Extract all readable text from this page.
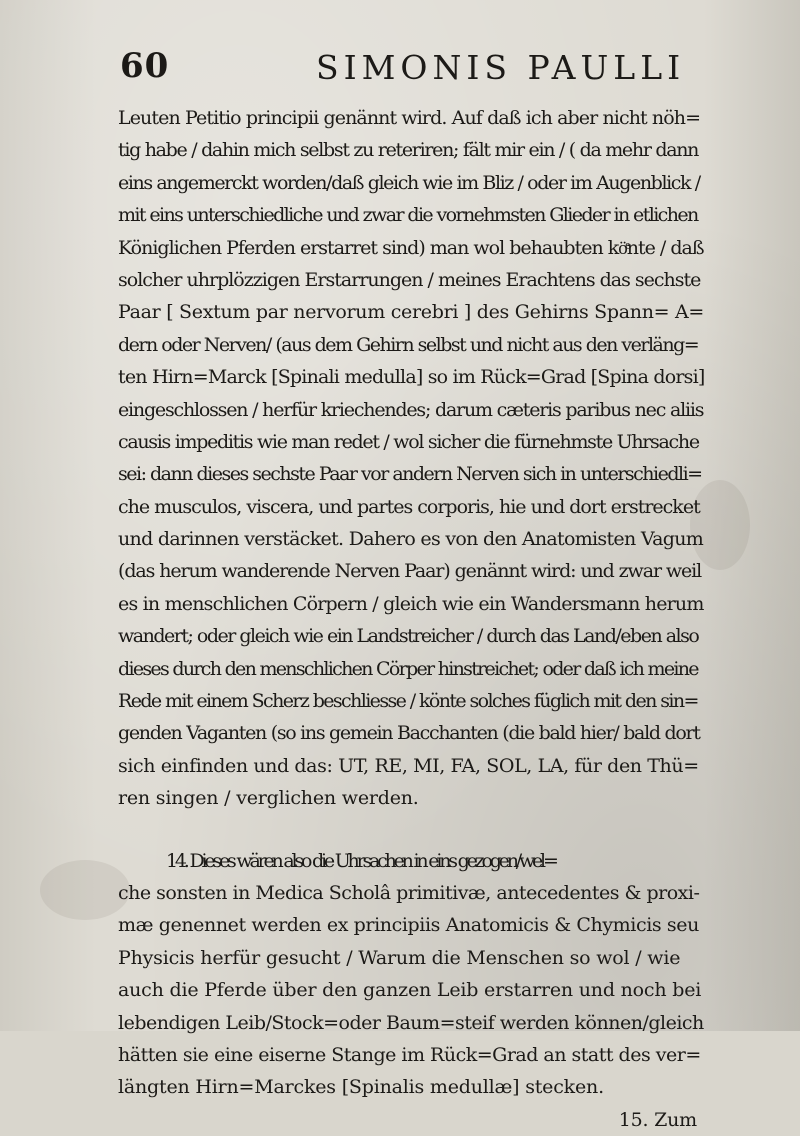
60	SIMONIS PAULLI
Leuten Petitio principii genännt wird. Auf daß ich aber nicht nöh=
tig habe / dahin mich selbst zu reteriren; fält mir ein / ( da mehr dann
eins angemerckt worden/daß gleich wie im Bliz / oder im Augenblick /
mit eins unterschiedliche und zwar die vornehmsten Glieder in etlichen
Königlichen Pferden erstarret sind) man wol behaubten köͤnte / daß
solcher uhrplözzigen Erstarrungen / meines Erachtens das sechste
Paar [ Sextum par nervorum cerebri ] des Gehirns Spann= A=
dern oder Nerven/ (aus dem Gehirn selbst und nicht aus den verläng=
ten Hirn=Marck [Spinali medulla] so im Rück=Grad [Spina dorsi]
eingeschlossen / herfür kriechendes; darum cæteris paribus nec aliis
causis impeditis wie man redet / wol sicher die fürnehmste Uhrsache
sei: dann dieses sechste Paar vor andern Nerven sich in unterschiedli=
che musculos, viscera, und partes corporis, hie und dort erstrecket
und darinnen verstäcket. Dahero es von den Anatomisten Vagum
(das herum wanderende Nerven Paar) genännt wird: und zwar weil
es in menschlichen Cörpern / gleich wie ein Wandersmann herum
wandert; oder gleich wie ein Landstreicher / durch das Land/eben also
dieses durch den menschlichen Cörper hinstreichet; oder daß ich meine
Rede mit einem Scherz beschliesse / könte solches füglich mit den sin=
genden Vaganten (so ins gemein Bacchanten (die bald hier/ bald dort
sich einfinden und das: UT, RE, MI, FA, SOL, LA, für den Thü=
ren singen / verglichen werden.
14. Dieses wären also die Uhrsachen in eins gezogen/wel=
che sonsten in Medica Scholâ primitivæ, antecedentes & proxi-
mæ genennet werden ex principiis Anatomicis & Chymicis seu
Physicis herfür gesucht / Warum die Menschen so wol / wie
auch die Pferde über den ganzen Leib erstarren und noch bei
lebendigen Leib/Stock=oder Baum=steif werden können/gleich
hätten sie eine eiserne Stange im Rück=Grad an statt des ver=
längten Hirn=Marckes [Spinalis medullæ] stecken.
15. Zum
